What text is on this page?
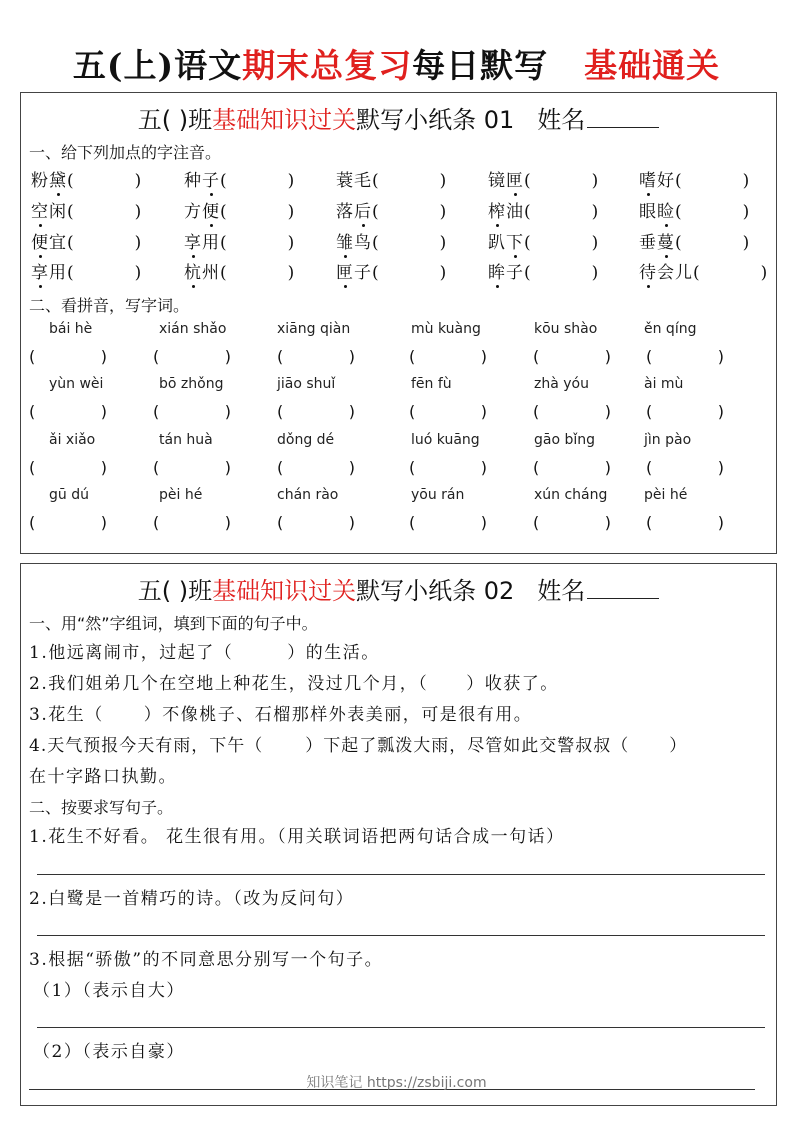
五(上)语文期末总复习每日默写 基础通关
五( )班基础知识过关默写小纸条 01 姓名
一、给下列加点的字注音。
粉黛(	) 种子(	) 蓑毛(	) 镜匣(	) 嗜好(	)
空闲(	) 方便(	) 落后(	) 榨油(	) 眼睑(	)
便宜(	) 享用(	) 雏鸟(	) 趴下(	) 垂蔓(	)
享用(	) 杭州(	) 匣子(	) 眸子(	) 待会儿(	)
二、看拼音，写字词。
bái hè	xián shǎo	xiāng qiàn	mù kuàng	kōu shào	ěn qíng
(	)	(	)	(	)	(	)	(	) (	)
yùn wèi	bō zhǒng	jiāo shuǐ	fēn fù	zhà yóu	ài mù
(	)	(	)	(	)	(	)	(	) (	)
ǎi xiǎo	tán huà	dǒng dé	luó kuāng	gāo bǐng	jìn pào
(	)	(	)	(	)	(	)	(	) (	)
gū dú	pèi hé	chán rào	yōu rán	xún cháng	pèi hé
(	)	(	)	(	)	(	)	(	) (	)
五( )班基础知识过关默写小纸条 02 姓名
一、用“然”字组词，填到下面的句子中。
1.他远离闹市，过起了（	）的生活。
2.我们姐弟几个在空地上种花生，没过几个月，（ ）收获了。
3.花生（ ）不像桃子、石榴那样外表美丽，可是很有用。
4.天气预报今天有雨，下午（ ）下起了瓢泼大雨，尽管如此交警叔叔（ ）
在十字路口执勤。
二、按要求写句子。
1.花生不好看。 花生很有用。（用关联词语把两句话合成一句话）
2.白鹭是一首精巧的诗。（改为反问句）
3.根据“骄傲”的不同意思分别写一个句子。
（1）（表示自大）
（2）（表示自豪）
知识笔记 https://zsbiji.com
